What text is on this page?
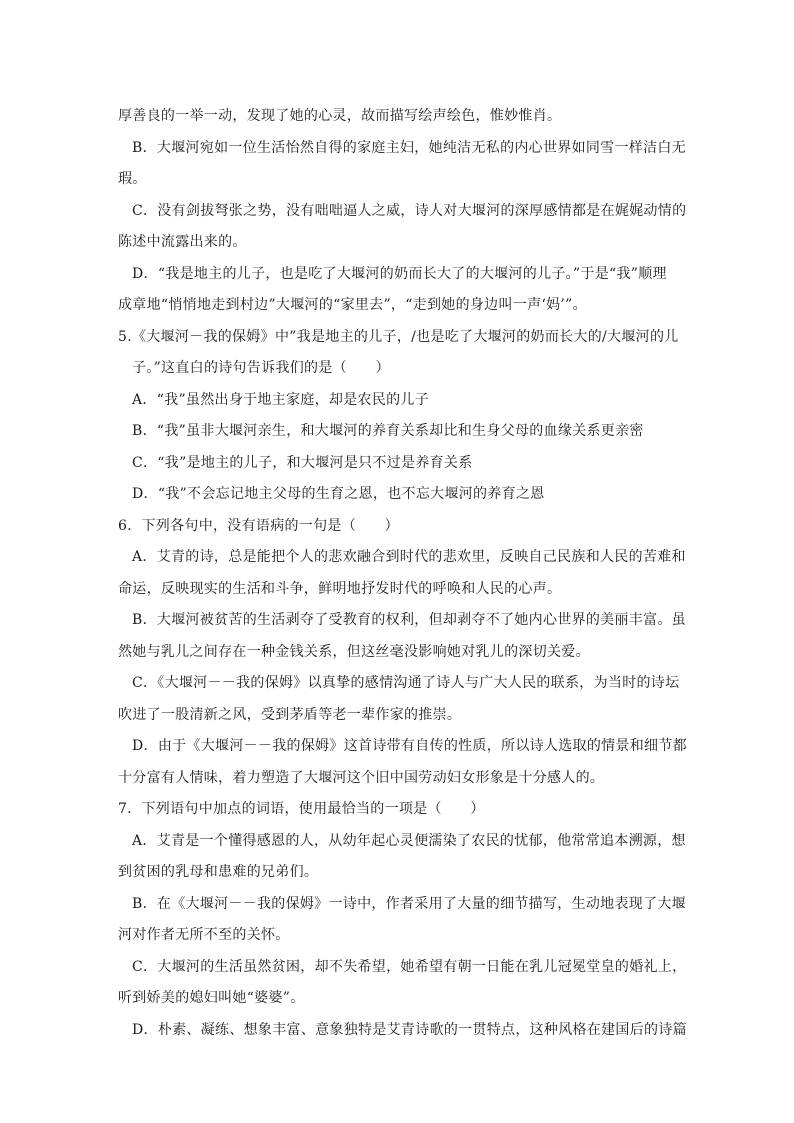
厚善良的一举一动，发现了她的心灵，故而描写绘声绘色，惟妙惟肖。
B．大堰河宛如一位生活怡然自得的家庭主妇，她纯洁无私的内心世界如同雪一样洁白无
瑕。
C．没有剑拔弩张之势，没有咄咄逼人之威，诗人对大堰河的深厚感情都是在娓娓动情的
陈述中流露出来的。
D．“我是地主的儿子，也是吃了大堰河的奶而长大了的大堰河的儿子。”于是“我”顺理
成章地“悄悄地走到村边”大堰河的“家里去”，“走到她的身边叫一声‘妈’”。
5.《大堰河－我的保姆》中”我是地主的儿子，/也是吃了大堰河的奶而长大的/大堰河的儿
子。”这直白的诗句告诉我们的是（　　）
A．“我”虽然出身于地主家庭，却是农民的儿子
B．“我”虽非大堰河亲生，和大堰河的养育关系却比和生身父母的血缘关系更亲密
C．“我”是地主的儿子，和大堰河是只不过是养育关系
D．“我”不会忘记地主父母的生育之恩，也不忘大堰河的养育之恩
6．下列各句中，没有语病的一句是（　　）
A．艾青的诗，总是能把个人的悲欢融合到时代的悲欢里，反映自己民族和人民的苦难和
命运，反映现实的生活和斗争，鲜明地抒发时代的呼唤和人民的心声。
B．大堰河被贫苦的生活剥夺了受教育的权利，但却剥夺不了她内心世界的美丽丰富。虽
然她与乳儿之间存在一种金钱关系，但这丝毫没影响她对乳儿的深切关爱。
C．《大堰河－－我的保姆》以真挚的感情沟通了诗人与广大人民的联系，为当时的诗坛
吹进了一股清新之风，受到茅盾等老一辈作家的推崇。
D．由于《大堰河－－我的保姆》这首诗带有自传的性质，所以诗人选取的情景和细节都
十分富有人情味，着力塑造了大堰河这个旧中国劳动妇女形象是十分感人的。
7．下列语句中加点的词语，使用最恰当的一项是（　　）
A．艾青是一个懂得感恩的人，从幼年起心灵便濡染了农民的忧郁，他常常追本溯源，想
到贫困的乳母和患难的兄弟们。
B．在《大堰河－－我的保姆》一诗中，作者采用了大量的细节描写，生动地表现了大堰
河对作者无所不至的关怀。
C．大堰河的生活虽然贫困，却不失希望，她希望有朝一日能在乳儿冠冕堂皇的婚礼上，
听到娇美的媳妇叫她“婆婆”。
D．朴素、凝练、想象丰富、意象独特是艾青诗歌的一贯特点，这种风格在建国后的诗篇
